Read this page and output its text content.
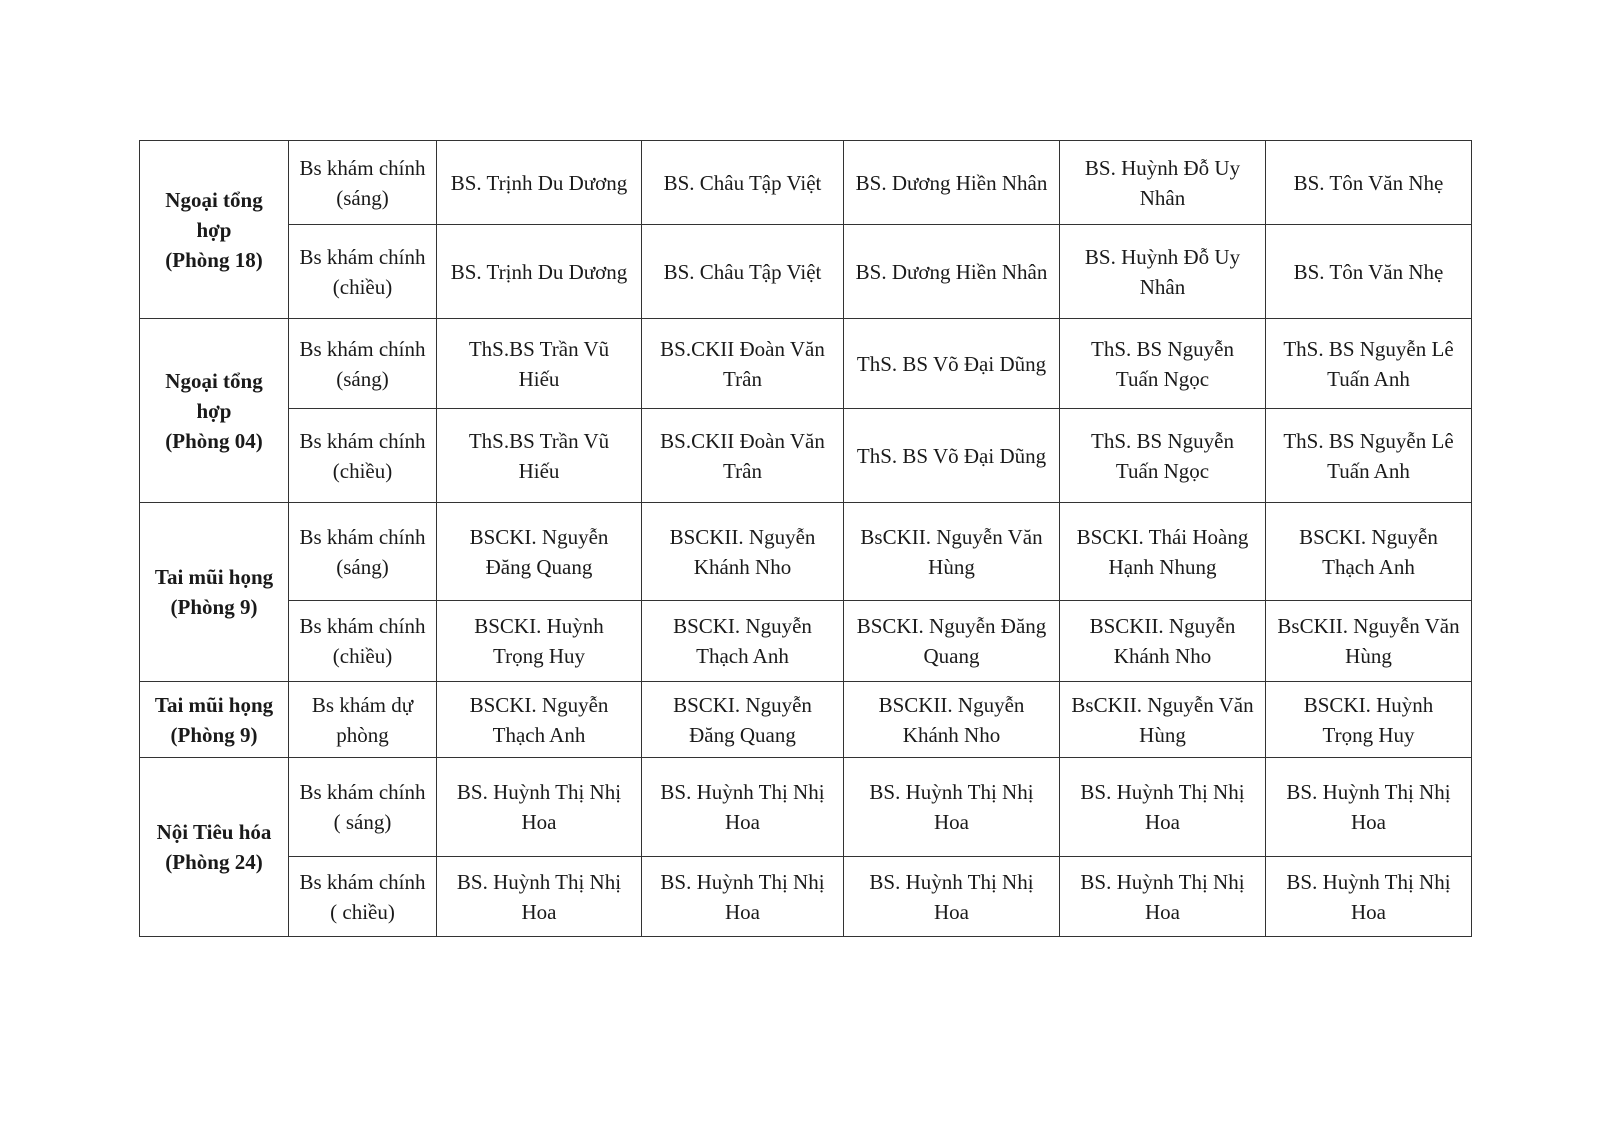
Ngoại tổng
hợp
(Phòng 18)	Bs khám chính
(sáng)	BS. Trịnh Du Dương	BS. Châu Tập Việt	BS. Dương Hiền Nhân	BS. Huỳnh Đỗ Uy
Nhân	BS. Tôn Văn Nhẹ

	Bs khám chính
(chiều)	BS. Trịnh Du Dương	BS. Châu Tập Việt	BS. Dương Hiền Nhân	BS. Huỳnh Đỗ Uy
Nhân	BS. Tôn Văn Nhẹ

Ngoại tổng
hợp
(Phòng 04)	Bs khám chính
(sáng)	ThS.BS Trần Vũ
Hiếu	BS.CKII Đoàn Văn
Trân	ThS. BS Võ Đại Dũng	ThS. BS Nguyễn
Tuấn Ngọc	ThS. BS Nguyễn Lê
Tuấn Anh

	Bs khám chính
(chiều)	ThS.BS Trần Vũ
Hiếu	BS.CKII Đoàn Văn
Trân	ThS. BS Võ Đại Dũng	ThS. BS Nguyễn
Tuấn Ngọc	ThS. BS Nguyễn Lê
Tuấn Anh

Tai mũi họng
(Phòng 9)	Bs khám chính
(sáng)	BSCKI. Nguyễn
Đăng Quang	BSCKII. Nguyễn
Khánh Nho	BsCKII. Nguyễn Văn
Hùng	BSCKI. Thái Hoàng
Hạnh Nhung	BSCKI. Nguyễn
Thạch Anh

	Bs khám chính
(chiều)	BSCKI. Huỳnh
Trọng Huy	BSCKI. Nguyễn
Thạch Anh	BSCKI. Nguyễn Đăng
Quang	BSCKII. Nguyễn
Khánh Nho	BsCKII. Nguyễn Văn
Hùng

Tai mũi họng
(Phòng 9)	Bs khám dự
phòng	BSCKI. Nguyễn
Thạch Anh	BSCKI. Nguyễn
Đăng Quang	BSCKII. Nguyễn
Khánh Nho	BsCKII. Nguyễn Văn
Hùng	BSCKI. Huỳnh
Trọng Huy

Nội Tiêu hóa
(Phòng 24)	Bs khám chính
( sáng)	BS. Huỳnh Thị Nhị
Hoa	BS. Huỳnh Thị Nhị
Hoa	BS. Huỳnh Thị Nhị
Hoa	BS. Huỳnh Thị Nhị
Hoa	BS. Huỳnh Thị Nhị
Hoa

	Bs khám chính
( chiều)	BS. Huỳnh Thị Nhị
Hoa	BS. Huỳnh Thị Nhị
Hoa	BS. Huỳnh Thị Nhị
Hoa	BS. Huỳnh Thị Nhị
Hoa	BS. Huỳnh Thị Nhị
Hoa
